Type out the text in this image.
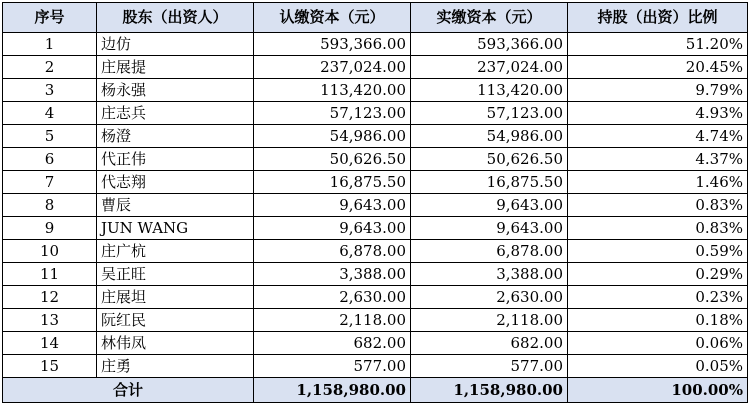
序号	股东（出资人）	认缴资本（元）	实缴资本（元）	持股（出资）比例
1	边仿	593,366.00	593,366.00	51.20%
2	庄展提	237,024.00	237,024.00	20.45%
3	杨永强	113,420.00	113,420.00	9.79%
4	庄志兵	57,123.00	57,123.00	4.93%
5	杨澄	54,986.00	54,986.00	4.74%
6	代正伟	50,626.50	50,626.50	4.37%
7	代志翔	16,875.50	16,875.50	1.46%
8	曹辰	9,643.00	9,643.00	0.83%
9	JUN WANG	9,643.00	9,643.00	0.83%
10	庄广杭	6,878.00	6,878.00	0.59%
11	吴正旺	3,388.00	3,388.00	0.29%
12	庄展坦	2,630.00	2,630.00	0.23%
13	阮红民	2,118.00	2,118.00	0.18%
14	林伟凤	682.00	682.00	0.06%
15	庄勇	577.00	577.00	0.05%
合计		1,158,980.00	1,158,980.00	100.00%
